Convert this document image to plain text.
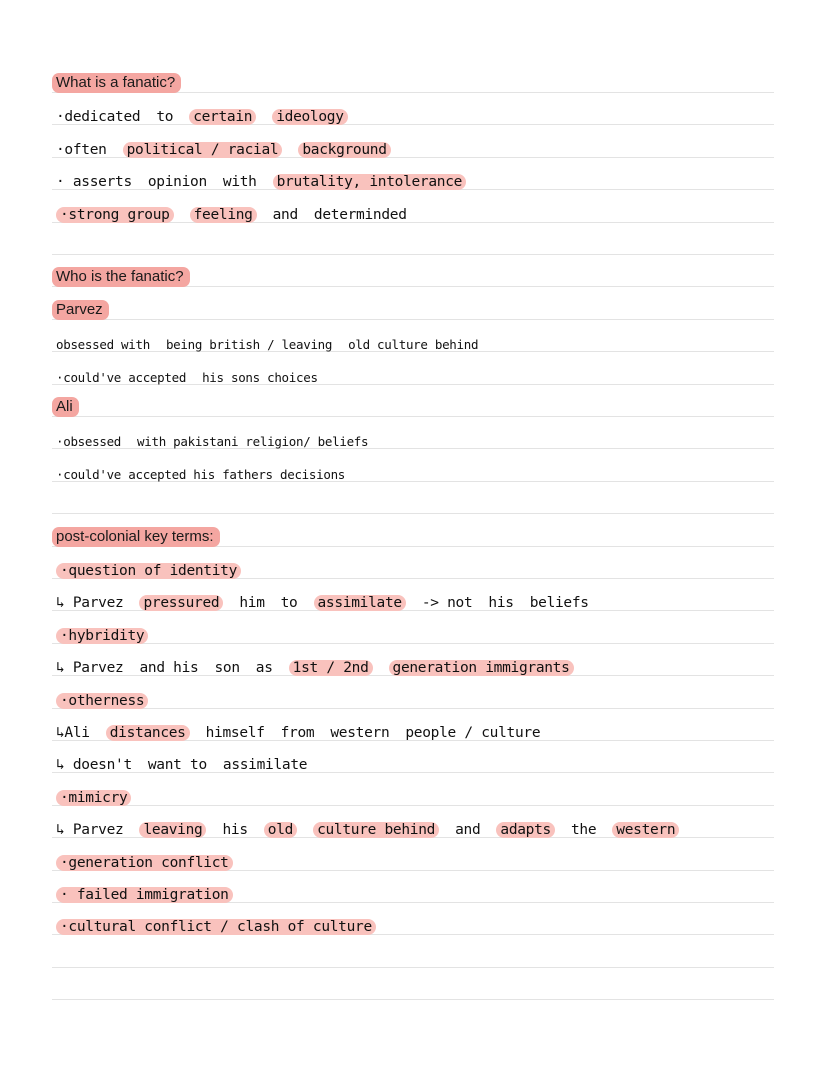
What is a fanatic?
·dedicated to certain ideology
·often political / racial background
· asserts opinion with brutality, intolerance
·strong group feeling and determinded
Who is the fanatic?
Parvez
obsessed with being british / leaving old culture behind
·could've accepted his sons choices
Ali
·obsessed with pakistani religion/ beliefs
·could've accepted his fathers decisions
post-colonial key terms:
·question of identity
↳ Parvez pressured him to assimilate -> not his beliefs
·hybridity
↳ Parvez and his son as 1st / 2nd generation immigrants
·otherness
↳Ali distances himself from western people / culture
↳ doesn't want to assimilate
·mimicry
↳ Parvez leaving his old culture behind and adapts the western
·generation conflict
· failed immigration
·cultural conflict / clash of culture
